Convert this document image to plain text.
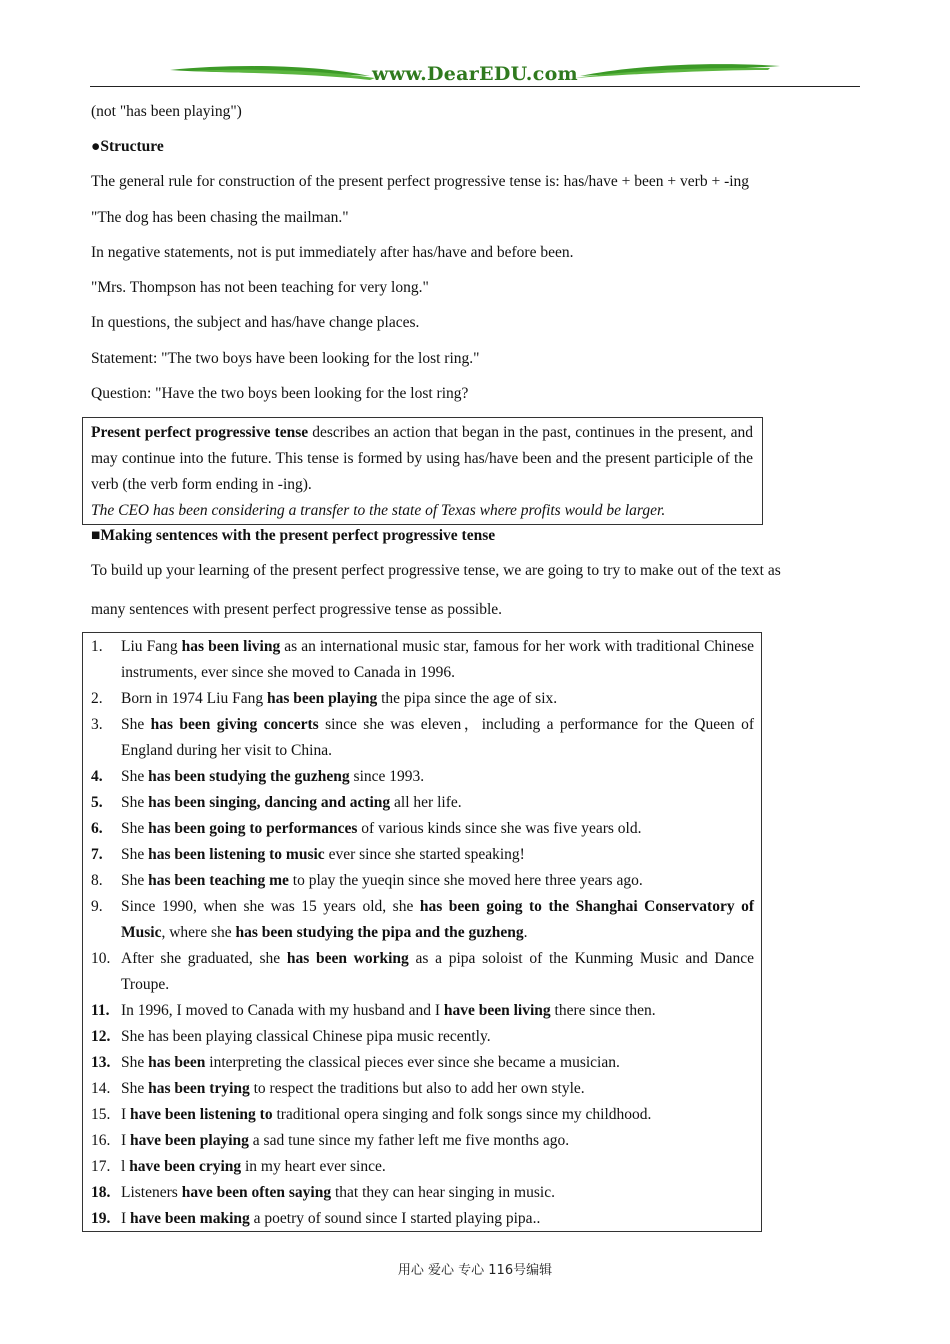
www.DearEDU.com
(not "has been playing")
●Structure
The general rule for construction of the present perfect progressive tense is: has/have + been + verb + -ing
"The dog has been chasing the mailman."
In negative statements, not is put immediately after has/have and before been.
"Mrs. Thompson has not been teaching for very long."
In questions, the subject and has/have change places.
Statement: "The two boys have been looking for the lost ring."
Question: "Have the two boys been looking for the lost ring?
Present perfect progressive tense describes an action that began in the past, continues in the present, and may continue into the future. This tense is formed by using has/have been and the present participle of the verb (the verb form ending in -ing).
The CEO has been considering a transfer to the state of Texas where profits would be larger.
■Making sentences with the present perfect progressive tense
To build up your learning of the present perfect progressive tense, we are going to try to make out of the text as
many sentences with present perfect progressive tense as possible.
1. Liu Fang has been living as an international music star, famous for her work with traditional Chinese instruments, ever since she moved to Canada in 1996.
2. Born in 1974 Liu Fang has been playing the pipa since the age of six.
3. She has been giving concerts since she was eleven，including a performance for the Queen of England during her visit to China.
4. She has been studying the guzheng since 1993.
5. She has been singing, dancing and acting all her life.
6. She has been going to performances of various kinds since she was five years old.
7. She has been listening to music ever since she started speaking!
8. She has been teaching me to play the yueqin since she moved here three years ago.
9. Since 1990, when she was 15 years old, she has been going to the Shanghai Conservatory of Music, where she has been studying the pipa and the guzheng.
10. After she graduated, she has been working as a pipa soloist of the Kunming Music and Dance Troupe.
11. In 1996, I moved to Canada with my husband and I have been living there since then.
12. She has been playing classical Chinese pipa music recently.
13. She has been interpreting the classical pieces ever since she became a musician.
14. She has been trying to respect the traditions but also to add her own style.
15. I have been listening to traditional opera singing and folk songs since my childhood.
16. I have been playing a sad tune since my father left me five months ago.
17. l have been crying in my heart ever since.
18. Listeners have been often saying that they can hear singing in music.
19. I have been making a poetry of sound since I started playing pipa..
用心 爱心 专心 116号编辑
